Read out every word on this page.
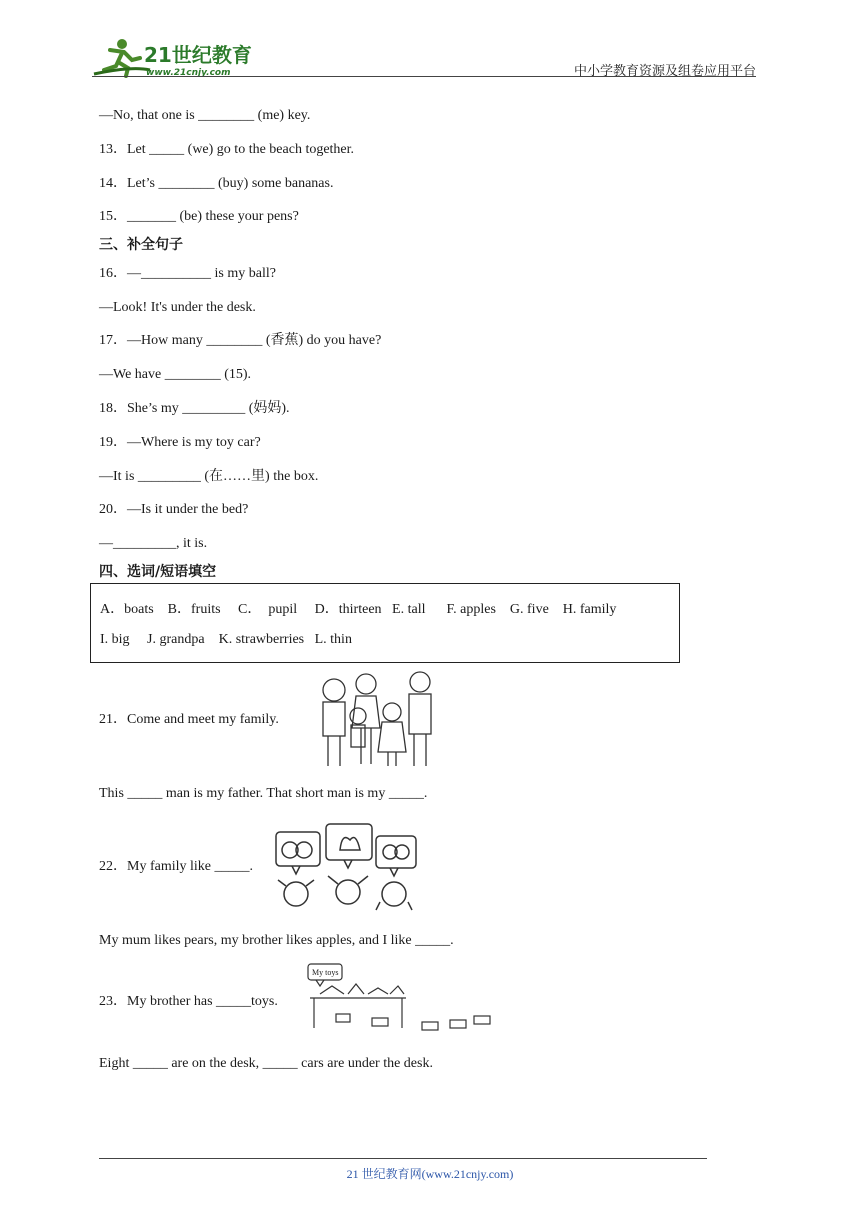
21世纪教育
www.21cnjy.com	中小学教育资源及组卷应用平台
—No, that one is ________ (me) key.
13．Let _____ (we) go to the beach together.
14．Let’s ________ (buy) some bananas.
15．_______ (be) these your pens?
三、补全句子
16．—__________ is my ball?
—Look! It's under the desk.
17．—How many ________ (香蕉) do you have?
—We have ________ (15).
18．She’s my _________ (妈妈).
19．—Where is my toy car?
—It is _________ (在……里) the box.
20．—Is it under the bed?
—_________, it is.
四、选词/短语填空
A．boats    B．fruits     C．  pupil     D．thirteen   E. tall      F. apples    G. five    H. family
I. big     J. grandpa    K. strawberries   L. thin
21．Come and meet my family.
This _____ man is my father. That short man is my _____.
22．My family like _____.
My mum likes pears, my brother likes apples, and I like _____.
23．My brother has _____toys.
My toys
Eight _____ are on the desk, _____ cars are under the desk.
21 世纪教育网(www.21cnjy.com)
